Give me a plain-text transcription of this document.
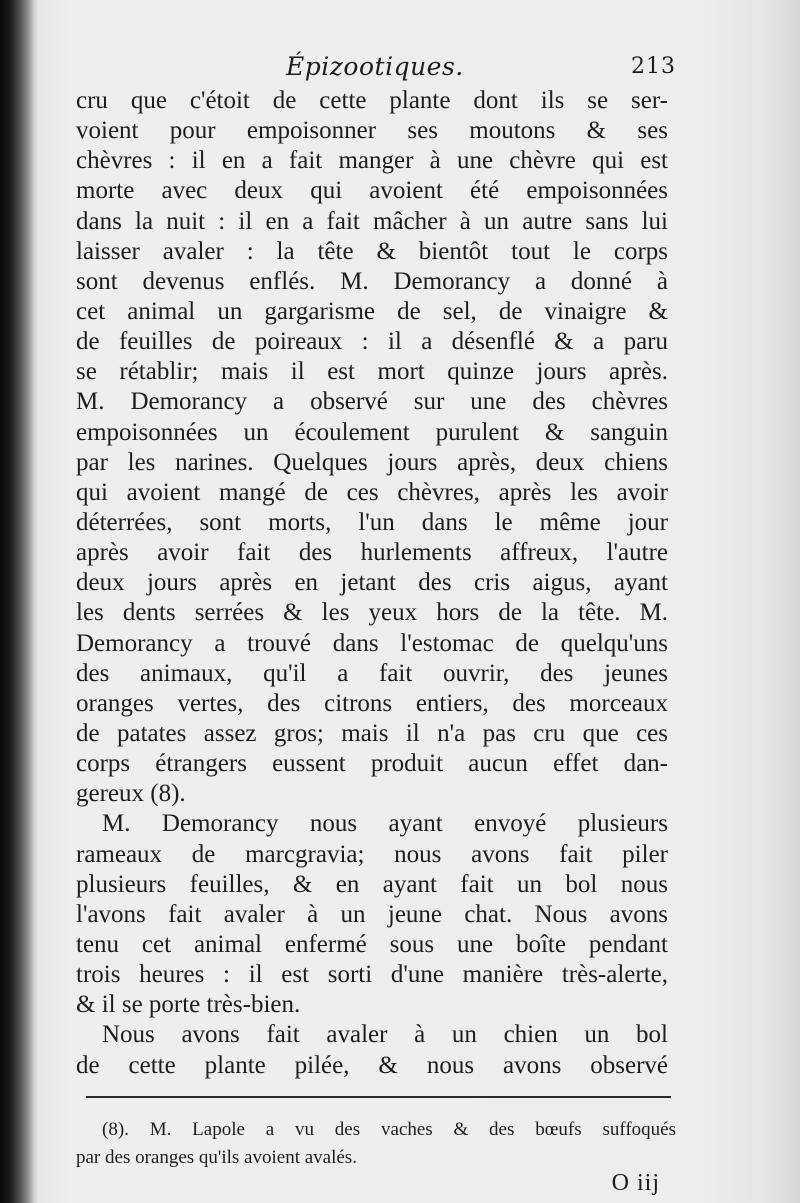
Épizootiques.	213
cru que c'étoit de cette plante dont ils se ser-
voient pour empoisonner ses moutons & ses
chèvres : il en a fait manger à une chèvre qui est
morte avec deux qui avoient été empoisonnées
dans la nuit : il en a fait mâcher à un autre sans lui
laisser avaler : la tête & bientôt tout le corps
sont devenus enflés. M. Demorancy a donné à
cet animal un gargarisme de sel, de vinaigre &
de feuilles de poireaux : il a désenflé & a paru
se rétablir; mais il est mort quinze jours après.
M. Demorancy a observé sur une des chèvres
empoisonnées un écoulement purulent & sanguin
par les narines. Quelques jours après, deux chiens
qui avoient mangé de ces chèvres, après les avoir
déterrées, sont morts, l'un dans le même jour
après avoir fait des hurlements affreux, l'autre
deux jours après en jetant des cris aigus, ayant
les dents serrées & les yeux hors de la tête. M.
Demorancy a trouvé dans l'estomac de quelqu'uns
des animaux, qu'il a fait ouvrir, des jeunes
oranges vertes, des citrons entiers, des morceaux
de patates assez gros; mais il n'a pas cru que ces
corps étrangers eussent produit aucun effet dan-
gereux (8).
M. Demorancy nous ayant envoyé plusieurs
rameaux de marcgravia; nous avons fait piler
plusieurs feuilles, & en ayant fait un bol nous
l'avons fait avaler à un jeune chat. Nous avons
tenu cet animal enfermé sous une boîte pendant
trois heures : il est sorti d'une manière très-alerte,
& il se porte très-bien.
Nous avons fait avaler à un chien un bol
de cette plante pilée, & nous avons observé
(8). M. Lapole a vu des vaches & des bœufs suffoqués
par des oranges qu'ils avoient avalés.
O iij
